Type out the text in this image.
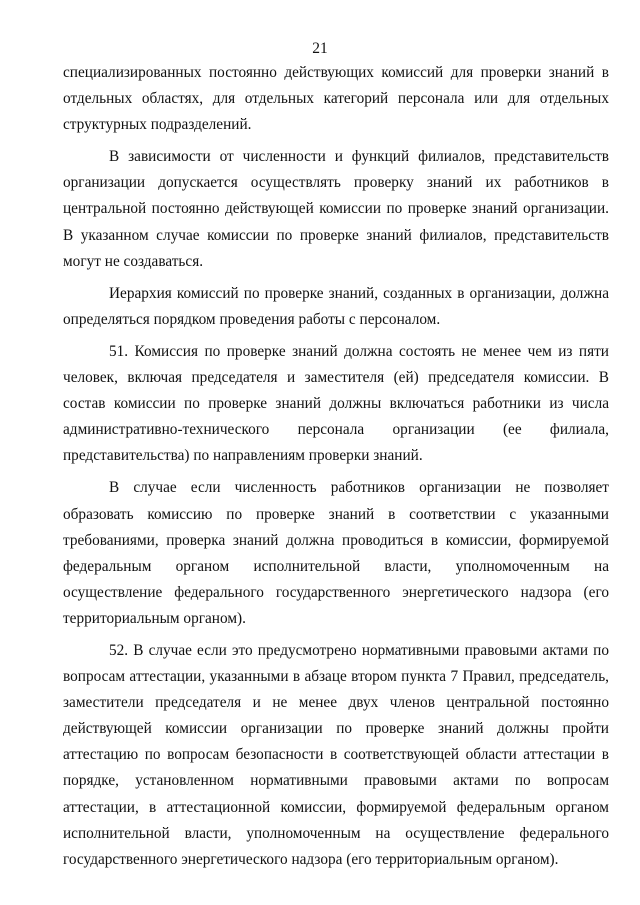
21

специализированных постоянно действующих комиссий для проверки знаний в отдельных областях, для отдельных категорий персонала или для отдельных структурных подразделений.

В зависимости от численности и функций филиалов, представительств организации допускается осуществлять проверку знаний их работников в центральной постоянно действующей комиссии по проверке знаний организации. В указанном случае комиссии по проверке знаний филиалов, представительств могут не создаваться.

Иерархия комиссий по проверке знаний, созданных в организации, должна определяться порядком проведения работы с персоналом.

51. Комиссия по проверке знаний должна состоять не менее чем из пяти человек, включая председателя и заместителя (ей) председателя комиссии. В состав комиссии по проверке знаний должны включаться работники из числа административно-технического персонала организации (ее филиала, представительства) по направлениям проверки знаний.

В случае если численность работников организации не позволяет образовать комиссию по проверке знаний в соответствии с указанными требованиями, проверка знаний должна проводиться в комиссии, формируемой федеральным органом исполнительной власти, уполномоченным на осуществление федерального государственного энергетического надзора (его территориальным органом).

52. В случае если это предусмотрено нормативными правовыми актами по вопросам аттестации, указанными в абзаце втором пункта 7 Правил, председатель, заместители председателя и не менее двух членов центральной постоянно действующей комиссии организации по проверке знаний должны пройти аттестацию по вопросам безопасности в соответствующей области аттестации в порядке, установленном нормативными правовыми актами по вопросам аттестации, в аттестационной комиссии, формируемой федеральным органом исполнительной власти, уполномоченным на осуществление федерального государственного энергетического надзора (его территориальным органом).
